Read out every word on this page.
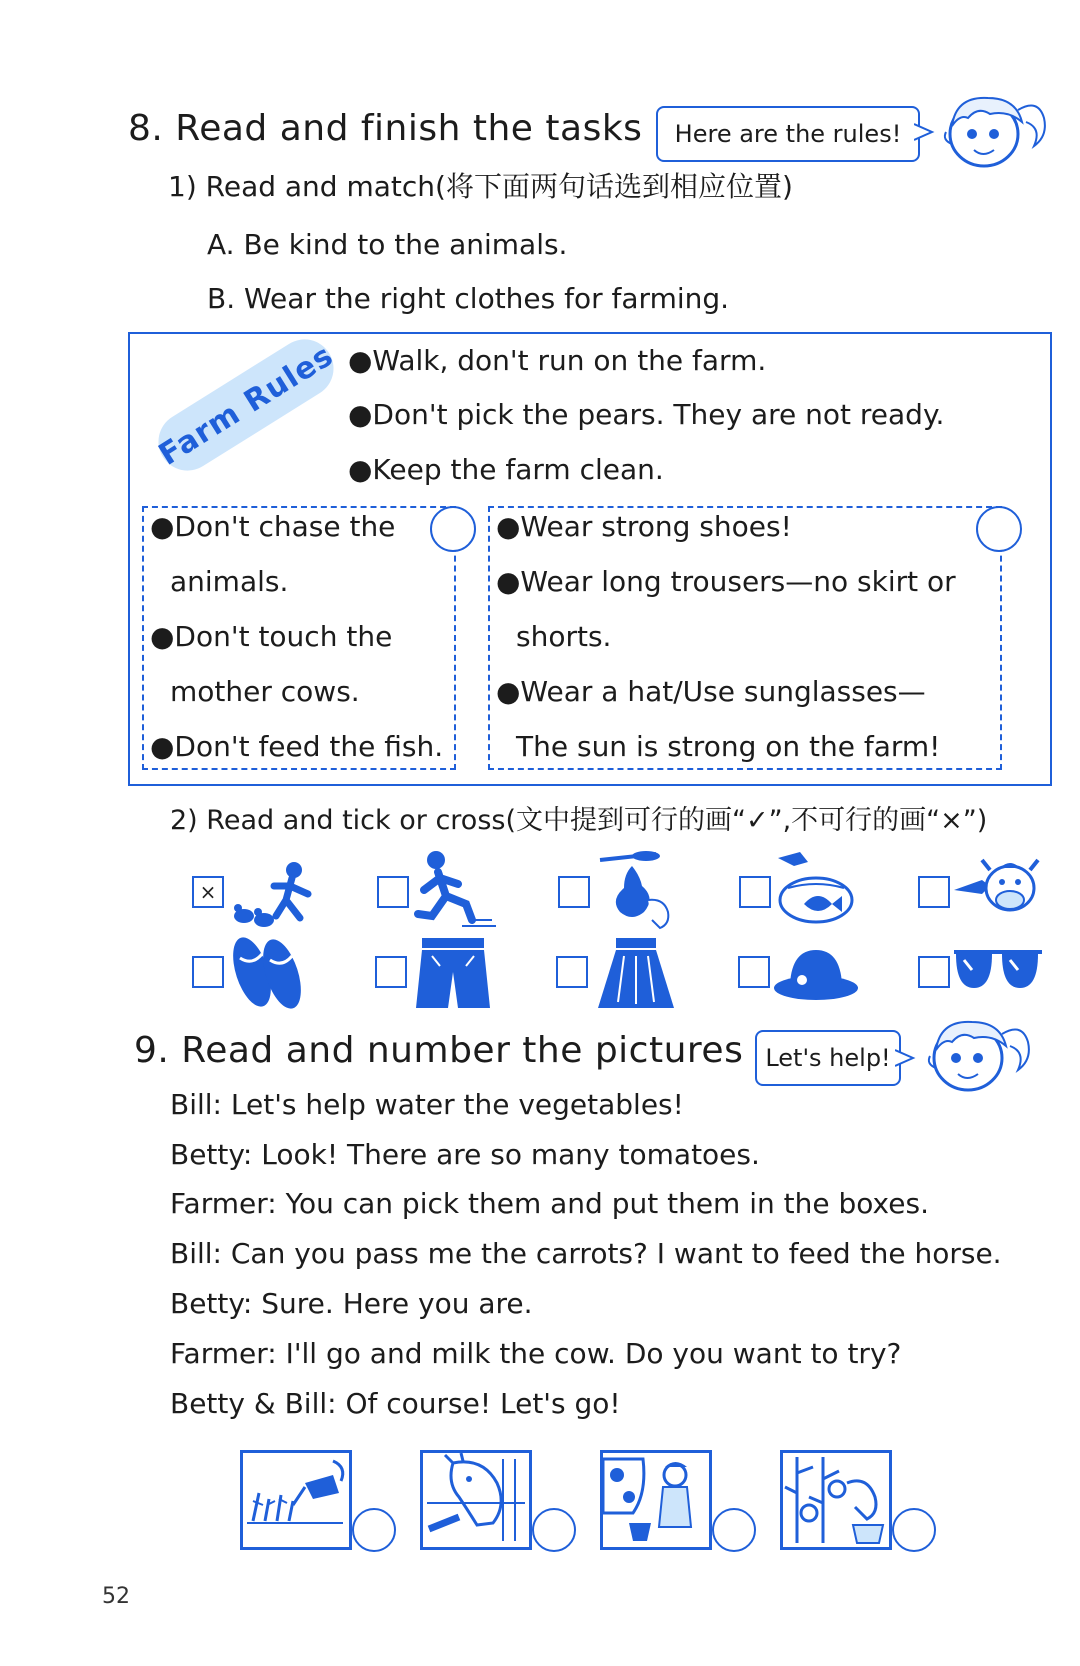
8. Read and finish the tasks	Here are the rules!
1) Read and match(将下面两句话选到相应位置)
A. Be kind to the animals.
B. Wear the right clothes for farming.
Farm Rules ●Walk, don't run on the farm.
●Don't pick the pears. They are not ready.
●Keep the farm clean.
●Don't chase the
animals.
●Don't touch the
mother cows.
●Don't feed the fish.
●Wear strong shoes!
●Wear long trousers—no skirt or
shorts.
●Wear a hat/Use sunglasses—
The sun is strong on the farm!
2) Read and tick or cross(文中提到可行的画“✓”,不可行的画“×”)
×
9. Read and number the pictures Let's help!
Bill: Let's help water the vegetables!
Betty: Look! There are so many tomatoes.
Farmer: You can pick them and put them in the boxes.
Bill: Can you pass me the carrots? I want to feed the horse.
Betty: Sure. Here you are.
Farmer: I'll go and milk the cow. Do you want to try?
Betty & Bill: Of course! Let's go!
52
